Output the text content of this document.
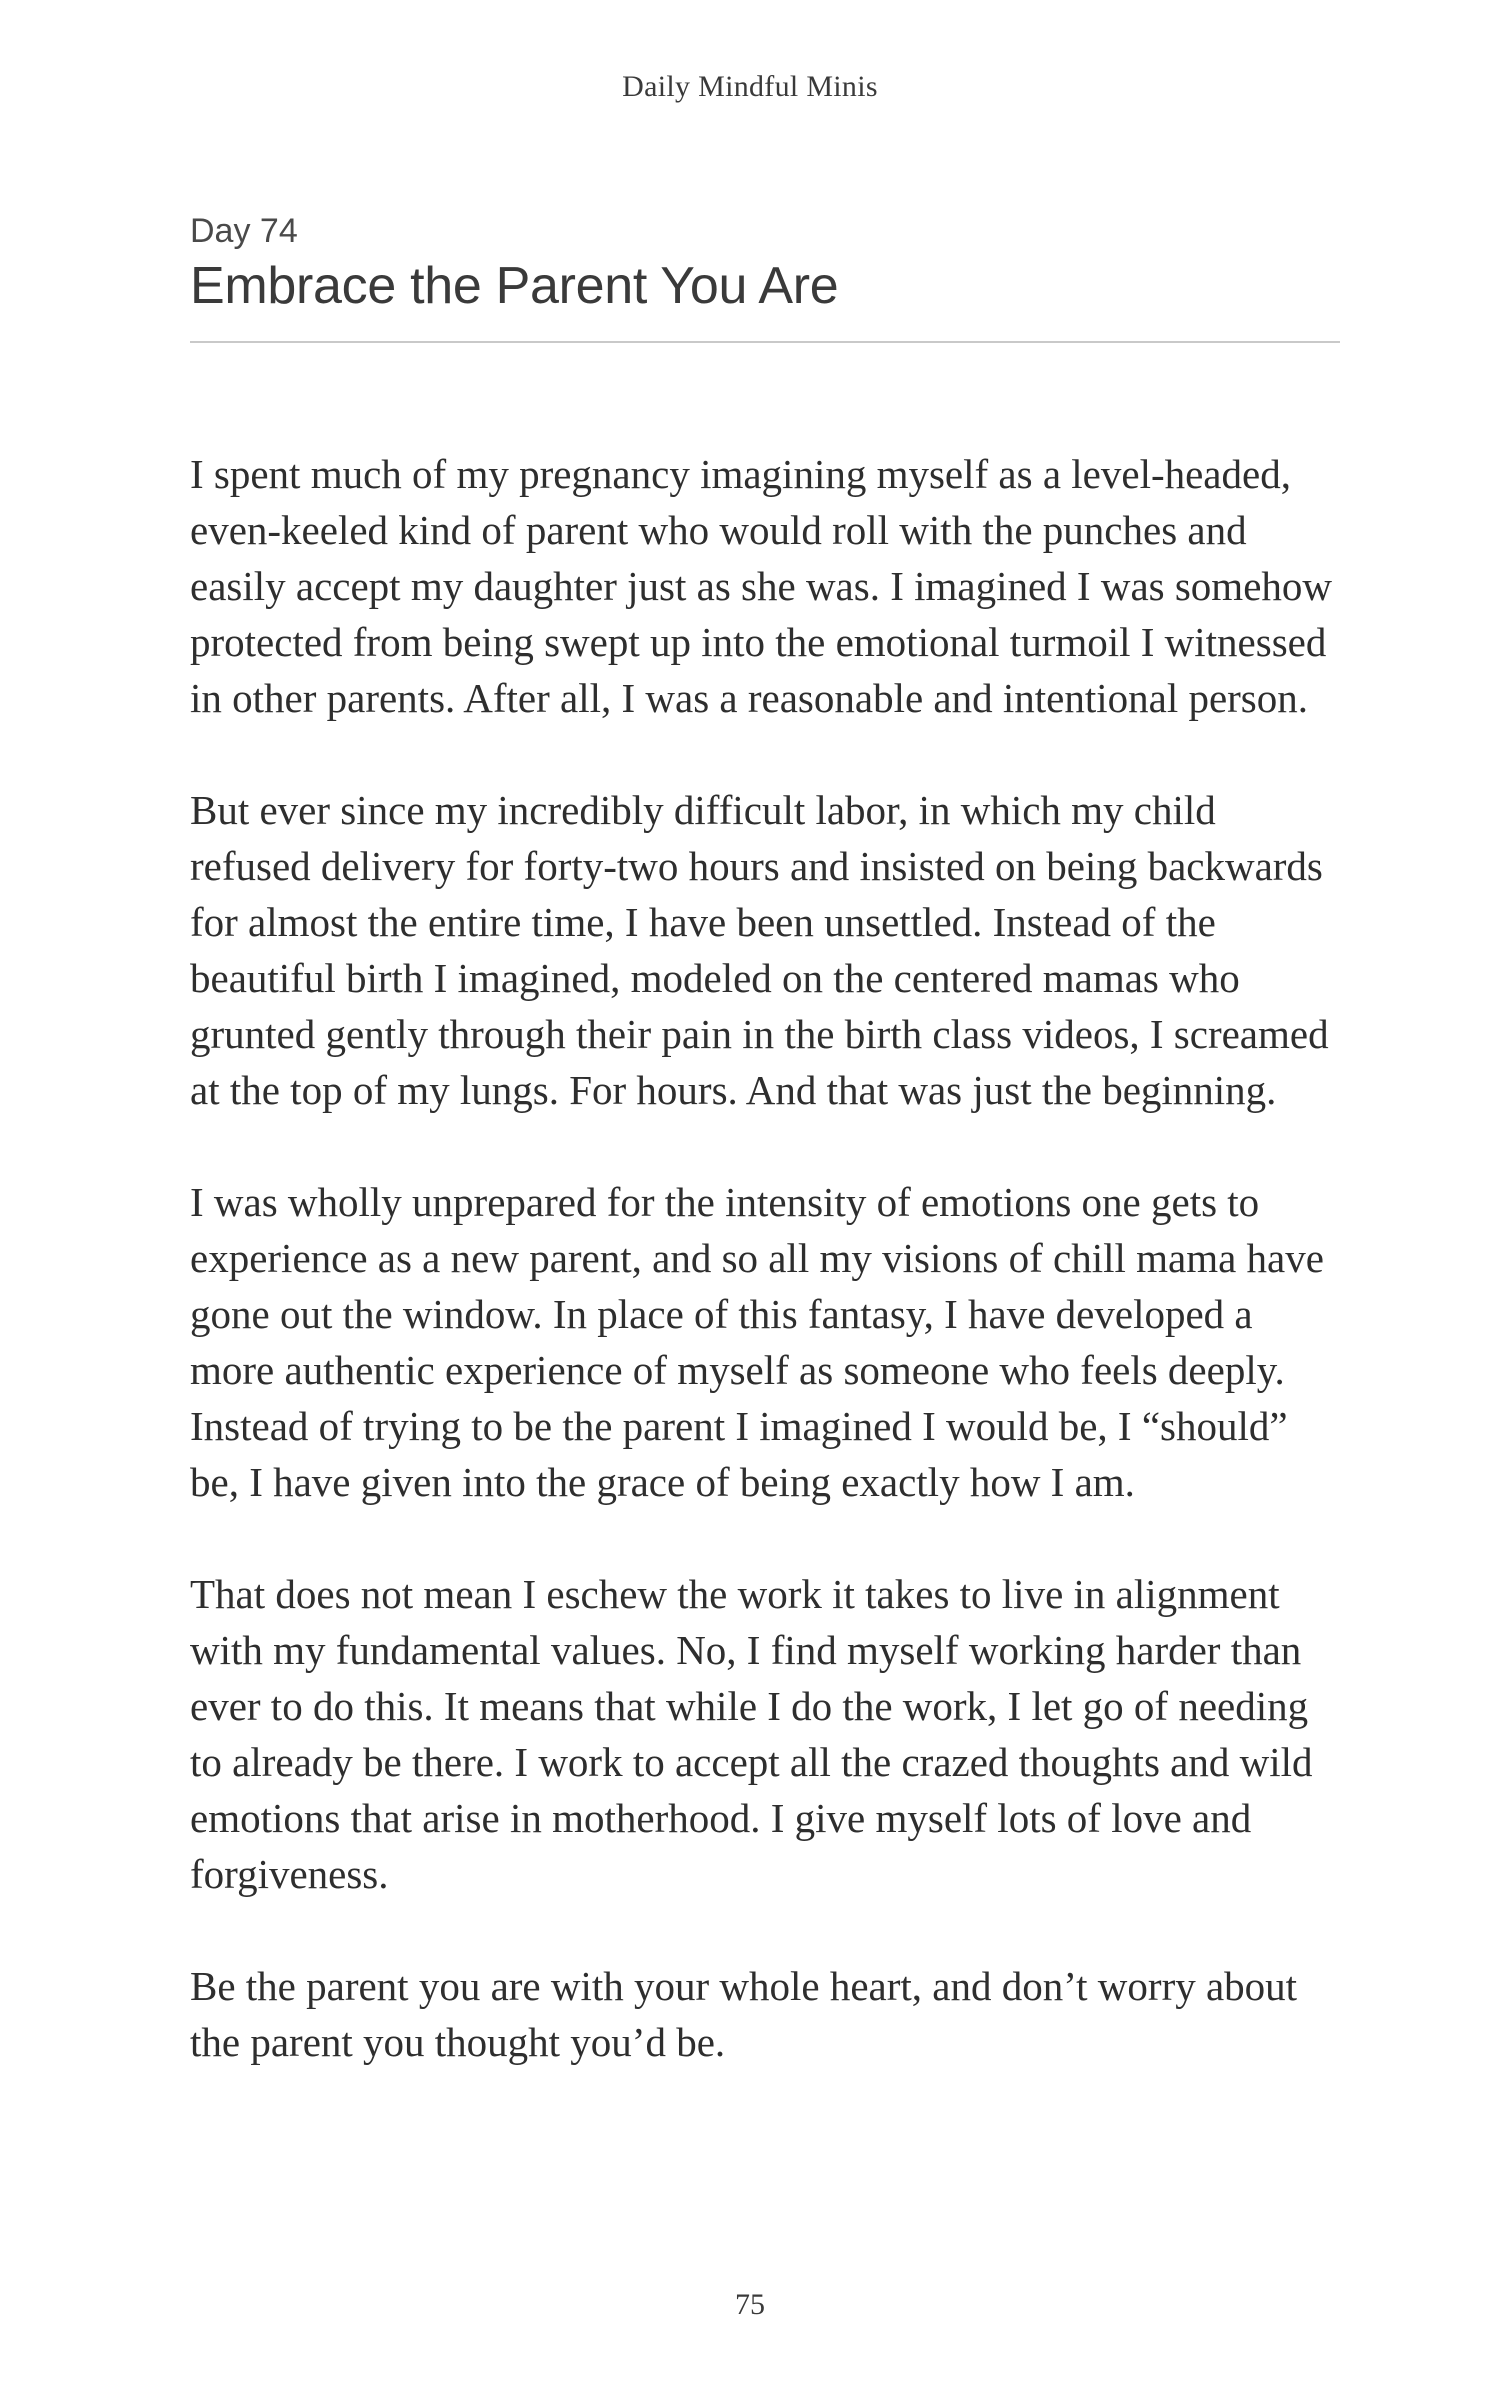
Daily Mindful Minis
Day 74
Embrace the Parent You Are

I spent much of my pregnancy imagining myself as a level-headed, even-keeled kind of parent who would roll with the punches and easily accept my daughter just as she was. I imagined I was somehow protected from being swept up into the emotional turmoil I witnessed in other parents. After all, I was a reasonable and intentional person.

But ever since my incredibly difficult labor, in which my child refused delivery for forty-two hours and insisted on being backwards for almost the entire time, I have been unsettled. Instead of the beautiful birth I imagined, modeled on the centered mamas who grunted gently through their pain in the birth class videos, I screamed at the top of my lungs. For hours. And that was just the beginning.

I was wholly unprepared for the intensity of emotions one gets to experience as a new parent, and so all my visions of chill mama have gone out the window. In place of this fantasy, I have developed a more authentic experience of myself as someone who feels deeply. Instead of trying to be the parent I imagined I would be, I “should” be, I have given into the grace of being exactly how I am.

That does not mean I eschew the work it takes to live in alignment with my fundamental values. No, I find myself working harder than ever to do this. It means that while I do the work, I let go of needing to already be there. I work to accept all the crazed thoughts and wild emotions that arise in motherhood. I give myself lots of love and forgiveness.

Be the parent you are with your whole heart, and don’t worry about the parent you thought you’d be.

75
